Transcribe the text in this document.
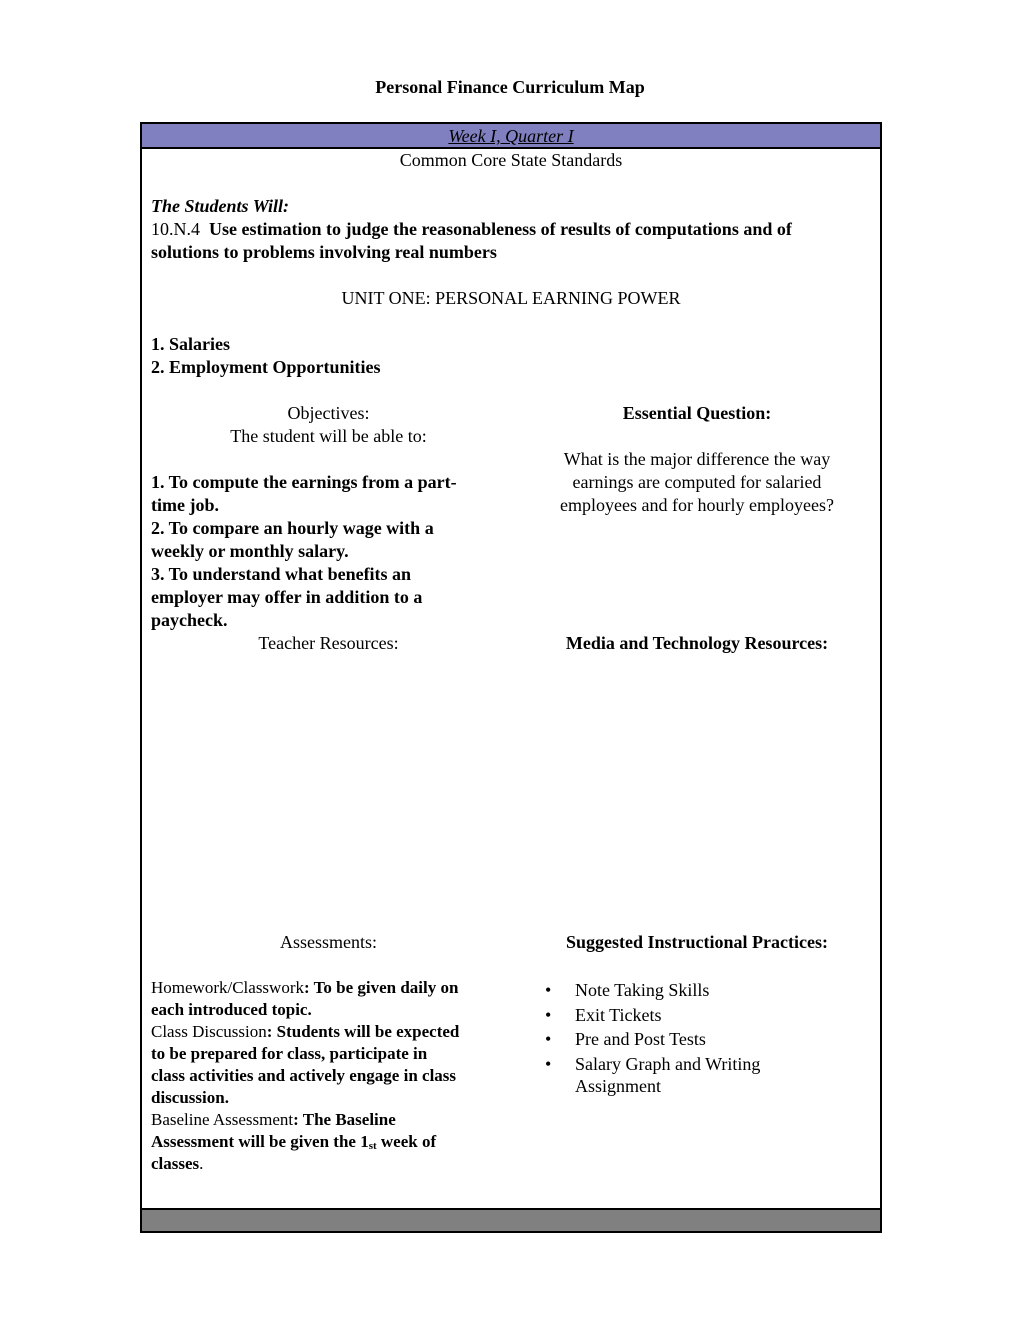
Personal Finance Curriculum Map
Week I, Quarter I
Common Core State Standards
The Students Will:
10.N.4 Use estimation to judge the reasonableness of results of computations and of
solutions to problems involving real numbers
UNIT ONE: PERSONAL EARNING POWER
1. Salaries
2. Employment Opportunities
Objectives:
The student will be able to:
1. To compute the earnings from a part-
time job.
2. To compare an hourly wage with a
weekly or monthly salary.
3. To understand what benefits an
employer may offer in addition to a
paycheck.
Essential Question:
What is the major difference the way
earnings are computed for salaried
employees and for hourly employees?
Teacher Resources:	Media and Technology Resources:
Assessments:
Homework/Classwork: To be given daily on
each introduced topic.
Class Discussion: Students will be expected
to be prepared for class, participate in
class activities and actively engage in class
discussion.
Baseline Assessment: The Baseline
Assessment will be given the 1st week of
classes.
Suggested Instructional Practices:
• Note Taking Skills
• Exit Tickets
• Pre and Post Tests
• Salary Graph and Writing
Assignment
